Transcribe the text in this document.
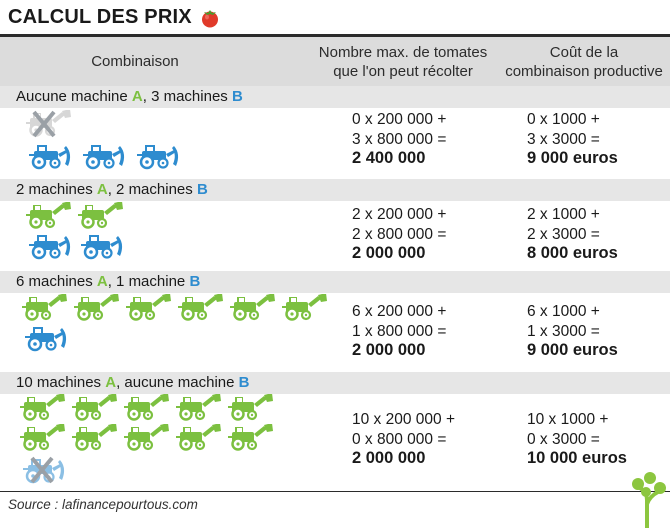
CALCUL DES PRIX
Combinaison
Nombre max. de tomates
que l'on peut récolter
Coût de la
combinaison productive
Aucune machine A, 3 machines B
0 x 200 000 +
3 x 800 000 =
2 400 000
0 x 1000 +
3 x 3000 =
9 000 euros
2 machines A, 2 machines B
2 x 200 000 +
2 x 800 000 =
2 000 000
2 x 1000 +
2 x 3000 =
8 000 euros
6 machines A, 1 machine B
6 x 200 000 +
1 x 800 000 =
2 000 000
6 x 1000 +
1 x 3000 =
9 000 euros
10 machines A, aucune machine B
10 x 200 000 +
0 x 800 000 =
2 000 000
10 x 1000 +
0 x 3000 =
10 000 euros
Source : lafinancepourtous.com
